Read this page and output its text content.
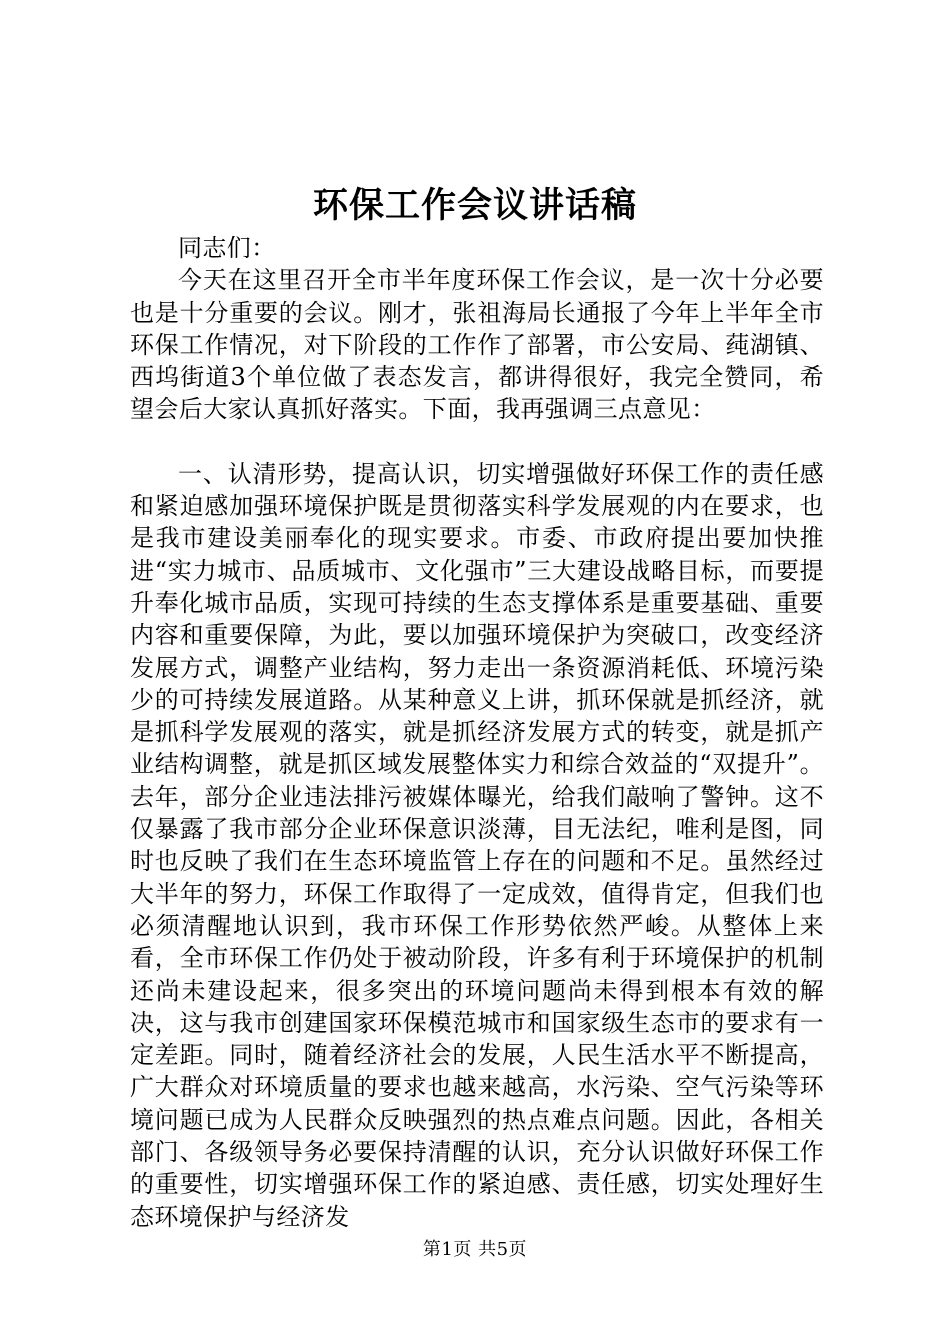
环保工作会议讲话稿

同志们：

今天在这里召开全市半年度环保工作会议，是一次十分必要也是十分重要的会议。刚才，张祖海局长通报了今年上半年全市环保工作情况，对下阶段的工作作了部署，市公安局、莼湖镇、西坞街道3个单位做了表态发言，都讲得很好，我完全赞同，希望会后大家认真抓好落实。下面，我再强调三点意见：

一、认清形势，提高认识，切实增强做好环保工作的责任感和紧迫感加强环境保护既是贯彻落实科学发展观的内在要求，也是我市建设美丽奉化的现实要求。市委、市政府提出要加快推进“实力城市、品质城市、文化强市”三大建设战略目标，而要提升奉化城市品质，实现可持续的生态支撑体系是重要基础、重要内容和重要保障，为此，要以加强环境保护为突破口，改变经济发展方式，调整产业结构，努力走出一条资源消耗低、环境污染少的可持续发展道路。从某种意义上讲，抓环保就是抓经济，就是抓科学发展观的落实，就是抓经济发展方式的转变，就是抓产业结构调整，就是抓区域发展整体实力和综合效益的“双提升”。去年，部分企业违法排污被媒体曝光，给我们敲响了警钟。这不仅暴露了我市部分企业环保意识淡薄，目无法纪，唯利是图，同时也反映了我们在生态环境监管上存在的问题和不足。虽然经过大半年的努力，环保工作取得了一定成效，值得肯定，但我们也必须清醒地认识到，我市环保工作形势依然严峻。从整体上来看，全市环保工作仍处于被动阶段，许多有利于环境保护的机制还尚未建设起来，很多突出的环境问题尚未得到根本有效的解决，这与我市创建国家环保模范城市和国家级生态市的要求有一定差距。同时，随着经济社会的发展，人民生活水平不断提高，广大群众对环境质量的要求也越来越高，水污染、空气污染等环境问题已成为人民群众反映强烈的热点难点问题。因此，各相关部门、各级领导务必要保持清醒的认识，充分认识做好环保工作的重要性，切实增强环保工作的紧迫感、责任感，切实处理好生态环境保护与经济发

第1页 共5页
